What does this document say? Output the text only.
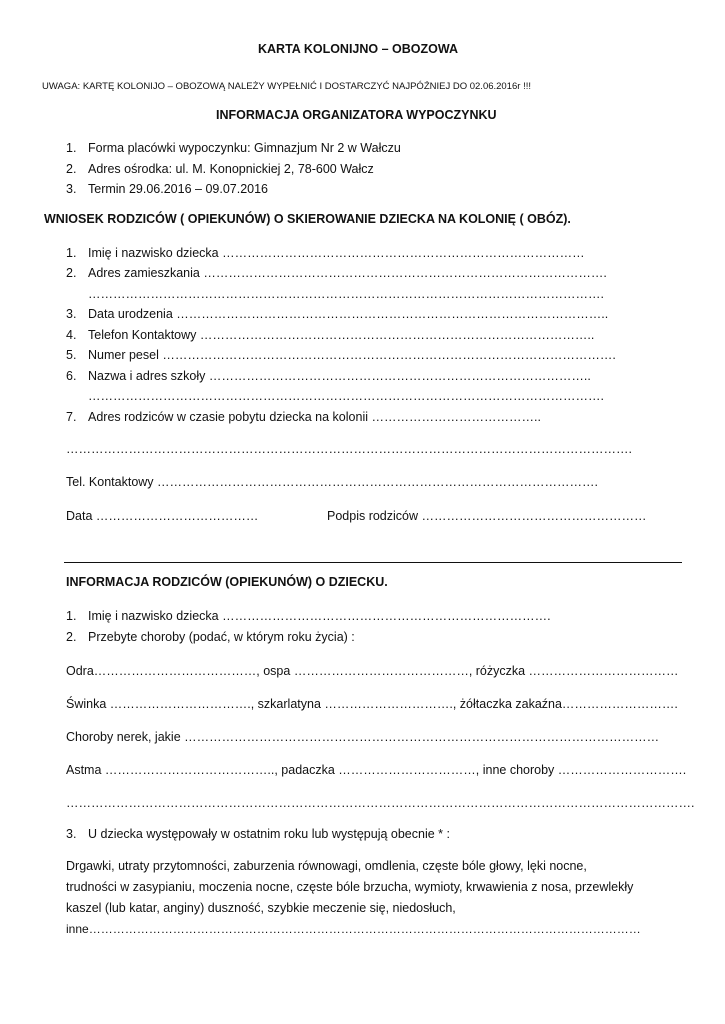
KARTA KOLONIJNO – OBOZOWA
UWAGA: KARTĘ KOLONIJO – OBOZOWĄ NALEŻY WYPEŁNIĆ I DOSTARCZYĆ NAJPÓŹNIEJ DO 02.06.2016r !!!
INFORMACJA ORGANIZATORA WYPOCZYNKU
1. Forma placówki wypoczynku: Gimnazjum Nr 2 w Wałczu
2. Adres ośrodka: ul. M. Konopnickiej 2, 78-600 Wałcz
3. Termin 29.06.2016 – 09.07.2016
WNIOSEK RODZICÓW ( OPIEKUNÓW) O SKIEROWANIE DZIECKA NA KOLONIĘ ( OBÓZ).
1. Imię i nazwisko dziecka ……………………………………………………………………………
2. Adres zamieszkania …………………………………………………………………………………….
…………………………………………………………………………………………………………….
3. Data urodzenia …………………………………………………………………………………………..
4. Telefon Kontaktowy …………………………………………………………………………………..
5. Numer pesel ……………………………………………………………………………………………….
6. Nazwa i adres szkoły ………………………………………………………………………………..
…………………………………………………………………………………………………………….
7. Adres rodziców w czasie pobytu dziecka na kolonii …………………………………..
……………………………………………………………………………………………………………………….
Tel. Kontaktowy …………………………………………………………………………………………….
Data …………………………………	Podpis rodziców ………………………………………………
INFORMACJA RODZICÓW (OPIEKUNÓW) O DZIECKU.
1. Imię i nazwisko dziecka …………………………………………………………………….
2. Przebyte choroby (podać, w którym roku życia) :
Odra…………………………………, ospa ……………………………………, różyczka ………………………………
Świnka ……………………………., szkarlatyna …………………………., żółtaczka zakaźna……………………….
Choroby nerek, jakie ……………………………………………………………………………………………………
Astma ………………………………….., padaczka ……………………………, inne choroby ………………………….
…………………………………………………………………………………………………………………………………….
3. U dziecka występowały w ostatnim roku lub występują obecnie * :
Drgawki, utraty przytomności, zaburzenia równowagi, omdlenia, częste bóle głowy, lęki nocne,
trudności w zasypianiu, moczenia nocne, częste bóle brzucha, wymioty, krwawienia z nosa, przewlekły
kaszel (lub katar, anginy) duszność, szybkie meczenie się, niedosłuch,
inne…………………………………………………………………………………………………………………………
